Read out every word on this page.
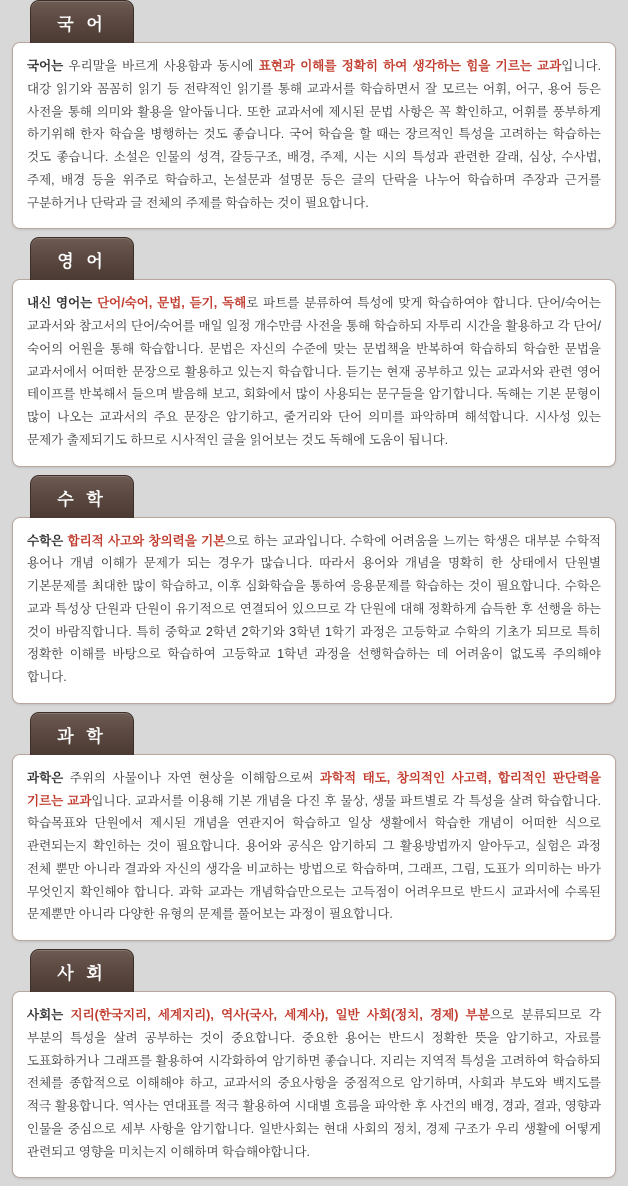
국 어

국어는 우리말을 바르게 사용함과 동시에 표현과 이해를 정확히 하여 생각하는 힘을 기르는 교과입니다. 대강 읽기와 꼼꼼히 읽기 등 전략적인 읽기를 통해 교과서를 학습하면서 잘 모르는 어휘, 어구, 용어 등은 사전을 통해 의미와 활용을 알아둡니다. 또한 교과서에 제시된 문법 사항은 꼭 확인하고, 어휘를 풍부하게 하기위해 한자 학습을 병행하는 것도 좋습니다. 국어 학습을 할 때는 장르적인 특성을 고려하는 학습하는 것도 좋습니다. 소설은 인물의 성격, 갈등구조, 배경, 주제, 시는 시의 특성과 관련한 갈래, 심상, 수사법, 주제, 배경 등을 위주로 학습하고, 논설문과 설명문 등은 글의 단락을 나누어 학습하며 주장과 근거를 구분하거나 단락과 글 전체의 주제를 학습하는 것이 필요합니다.

영 어

내신 영어는 단어/숙어, 문법, 듣기, 독해로 파트를 분류하여 특성에 맞게 학습하여야 합니다. 단어/숙어는 교과서와 참고서의 단어/숙어를 매일 일정 개수만큼 사전을 통해 학습하되 자투리 시간을 활용하고 각 단어/숙어의 어원을 통해 학습합니다. 문법은 자신의 수준에 맞는 문법책을 반복하여 학습하되 학습한 문법을 교과서에서 어떠한 문장으로 활용하고 있는지 학습합니다. 듣기는 현재 공부하고 있는 교과서와 관련 영어 테이프를 반복해서 들으며 발음해 보고, 회화에서 많이 사용되는 문구들을 암기합니다. 독해는 기본 문형이 많이 나오는 교과서의 주요 문장은 암기하고, 줄거리와 단어 의미를 파악하며 해석합니다. 시사성 있는 문제가 출제되기도 하므로 시사적인 글을 읽어보는 것도 독해에 도움이 됩니다.

수 학

수학은 합리적 사고와 창의력을 기본으로 하는 교과입니다. 수학에 어려움을 느끼는 학생은 대부분 수학적 용어나 개념 이해가 문제가 되는 경우가 많습니다. 따라서 용어와 개념을 명확히 한 상태에서 단원별 기본문제를 최대한 많이 학습하고, 이후 심화학습을 통하여 응용문제를 학습하는 것이 필요합니다. 수학은 교과 특성상 단원과 단원이 유기적으로 연결되어 있으므로 각 단원에 대해 정확하게 습득한 후 선행을 하는 것이 바람직합니다. 특히 중학교 2학년 2학기와 3학년 1학기 과정은 고등학교 수학의 기초가 되므로 특히 정확한 이해를 바탕으로 학습하여 고등학교 1학년 과정을 선행학습하는 데 어려움이 없도록 주의해야 합니다.

과 학

과학은 주위의 사물이나 자연 현상을 이해함으로써 과학적 태도, 창의적인 사고력, 합리적인 판단력을 기르는 교과입니다. 교과서를 이용해 기본 개념을 다진 후 물상, 생물 파트별로 각 특성을 살려 학습합니다. 학습목표와 단원에서 제시된 개념을 연관지어 학습하고 일상 생활에서 학습한 개념이 어떠한 식으로 관련되는지 확인하는 것이 필요합니다. 용어와 공식은 암기하되 그 활용방법까지 알아두고, 실험은 과정 전체 뿐만 아니라 결과와 자신의 생각을 비교하는 방법으로 학습하며, 그래프, 그림, 도표가 의미하는 바가 무엇인지 확인해야 합니다. 과학 교과는 개념학습만으로는 고득점이 어려우므로 반드시 교과서에 수록된 문제뿐만 아니라 다양한 유형의 문제를 풀어보는 과정이 필요합니다.

사 회

사회는 지리(한국지리, 세계지리), 역사(국사, 세계사), 일반 사회(정치, 경제) 부분으로 분류되므로 각 부분의 특성을 살려 공부하는 것이 중요합니다. 중요한 용어는 반드시 정확한 뜻을 암기하고, 자료를 도표화하거나 그래프를 활용하여 시각화하여 암기하면 좋습니다. 지리는 지역적 특성을 고려하여 학습하되 전체를 종합적으로 이해해야 하고, 교과서의 중요사항을 중점적으로 암기하며, 사회과 부도와 백지도를 적극 활용합니다. 역사는 연대표를 적극 활용하여 시대별 흐름을 파악한 후 사건의 배경, 경과, 결과, 영향과 인물을 중심으로 세부 사항을 암기합니다. 일반사회는 현대 사회의 정치, 경제 구조가 우리 생활에 어떻게 관련되고 영향을 미치는지 이해하며 학습해야합니다.
